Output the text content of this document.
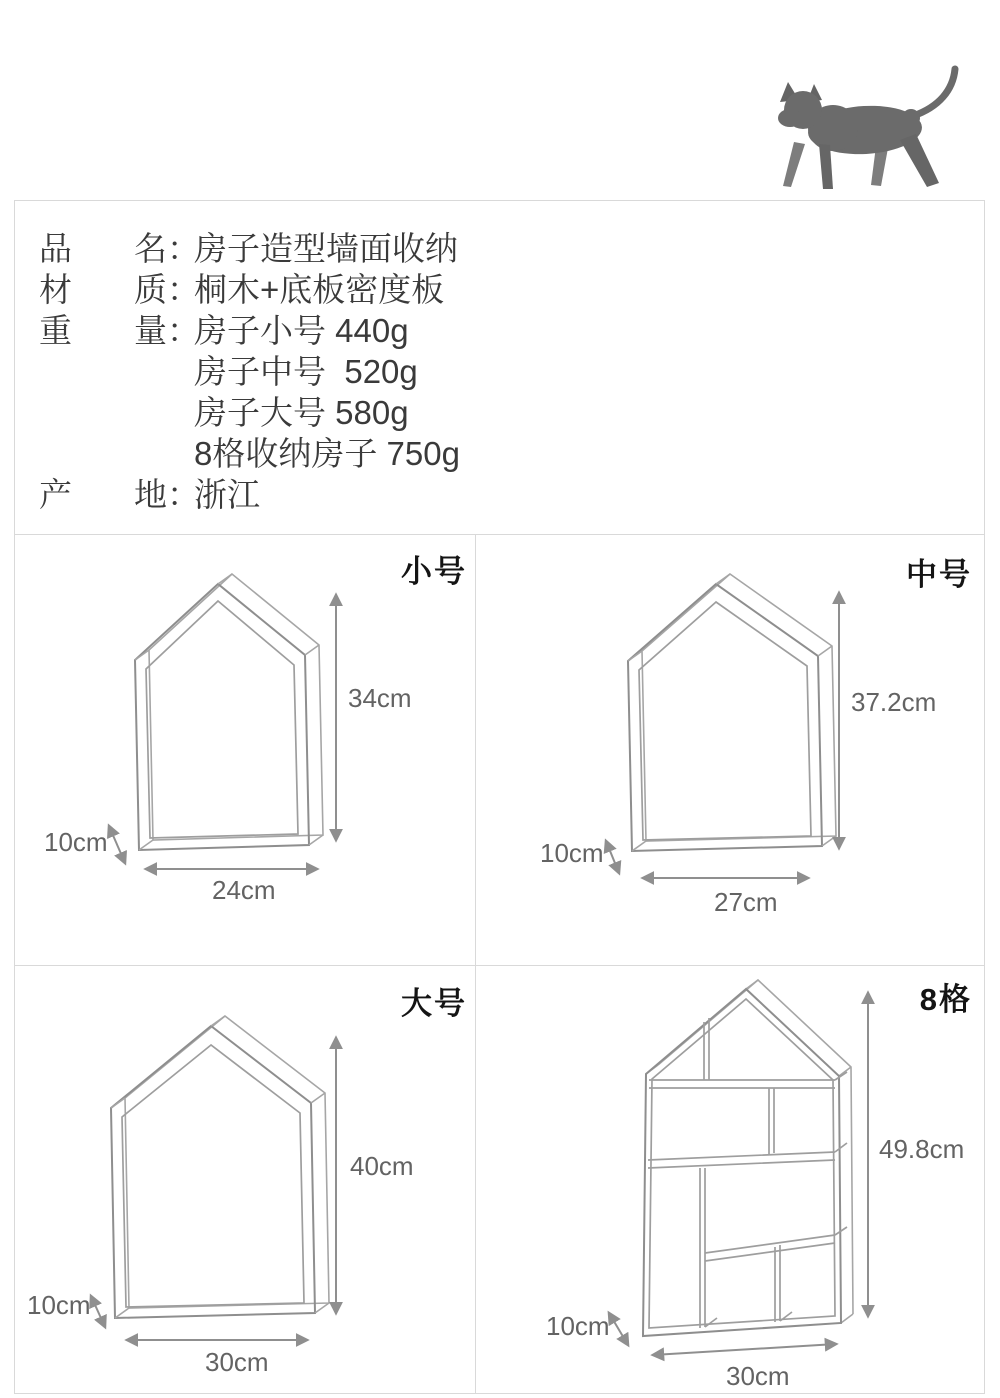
品 名 ：
房子造型墙面收纳
材 质 ：
桐木+底板密度板
重 量 ：
房子小号 440g
房子中号  520g
房子大号 580g
8格收纳房子 750g
产 地 ：
浙江
小号
34cm
24cm
10cm
中号
37.2cm
27cm
10cm
大号
40cm
30cm
10cm
8格
49.8cm
30cm
10cm
